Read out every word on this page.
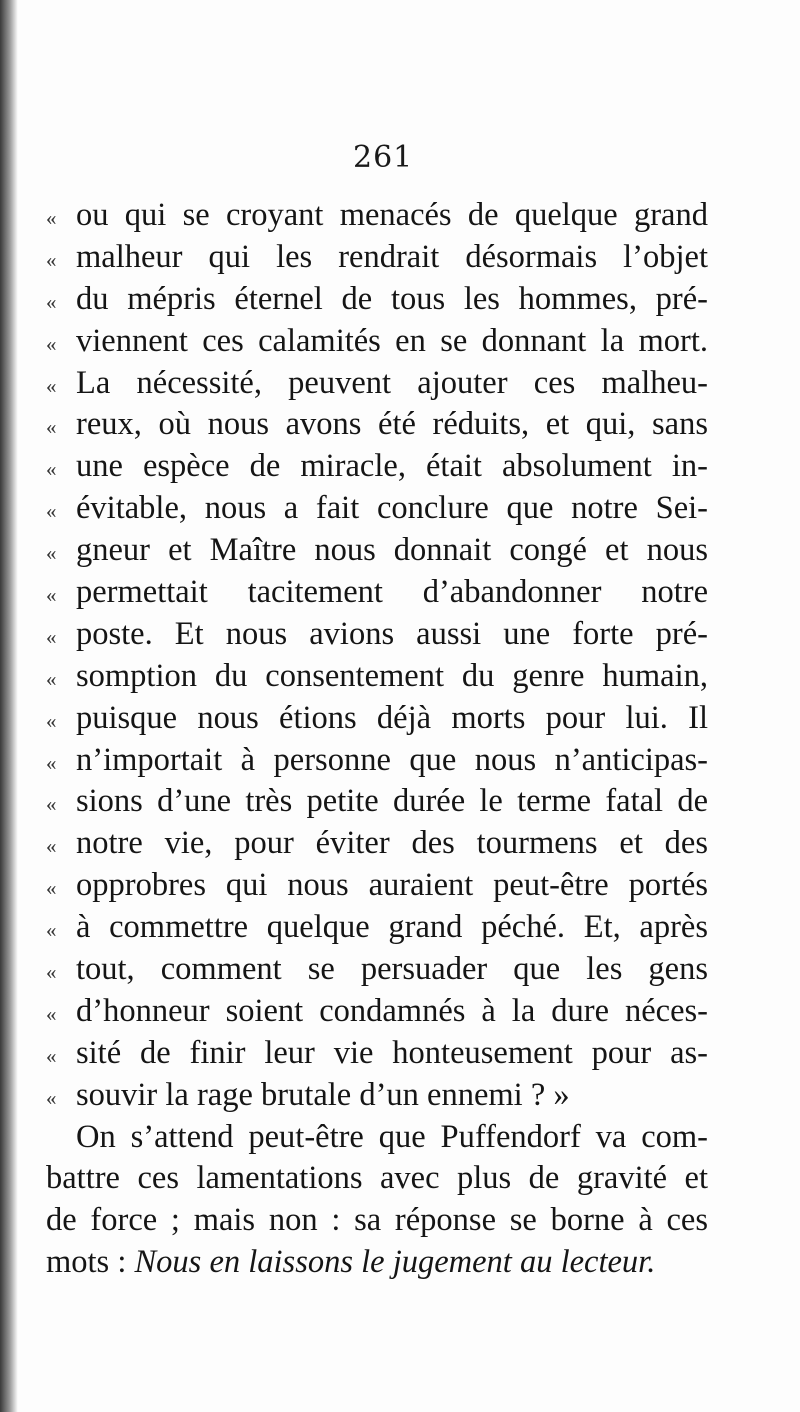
261
« ou qui se croyant menacés de quelque grand
« malheur qui les rendrait désormais l’objet
« du mépris éternel de tous les hommes, pré-
« viennent ces calamités en se donnant la mort.
« La nécessité, peuvent ajouter ces malheu-
« reux, où nous avons été réduits, et qui, sans
« une espèce de miracle, était absolument in-
« évitable, nous a fait conclure que notre Sei-
« gneur et Maître nous donnait congé et nous
« permettait tacitement d’abandonner notre
« poste. Et nous avions aussi une forte pré-
« somption du consentement du genre humain,
« puisque nous étions déjà morts pour lui. Il
« n’importait à personne que nous n’anticipas-
« sions d’une très petite durée le terme fatal de
« notre vie, pour éviter des tourmens et des
« opprobres qui nous auraient peut-être portés
« à commettre quelque grand péché. Et, après
« tout, comment se persuader que les gens
« d’honneur soient condamnés à la dure néces-
« sité de finir leur vie honteusement pour as-
« souvir la rage brutale d’un ennemi ? »
On s’attend peut-être que Puffendorf va com-
battre ces lamentations avec plus de gravité et
de force ; mais non : sa réponse se borne à ces
mots : Nous en laissons le jugement au lecteur.
